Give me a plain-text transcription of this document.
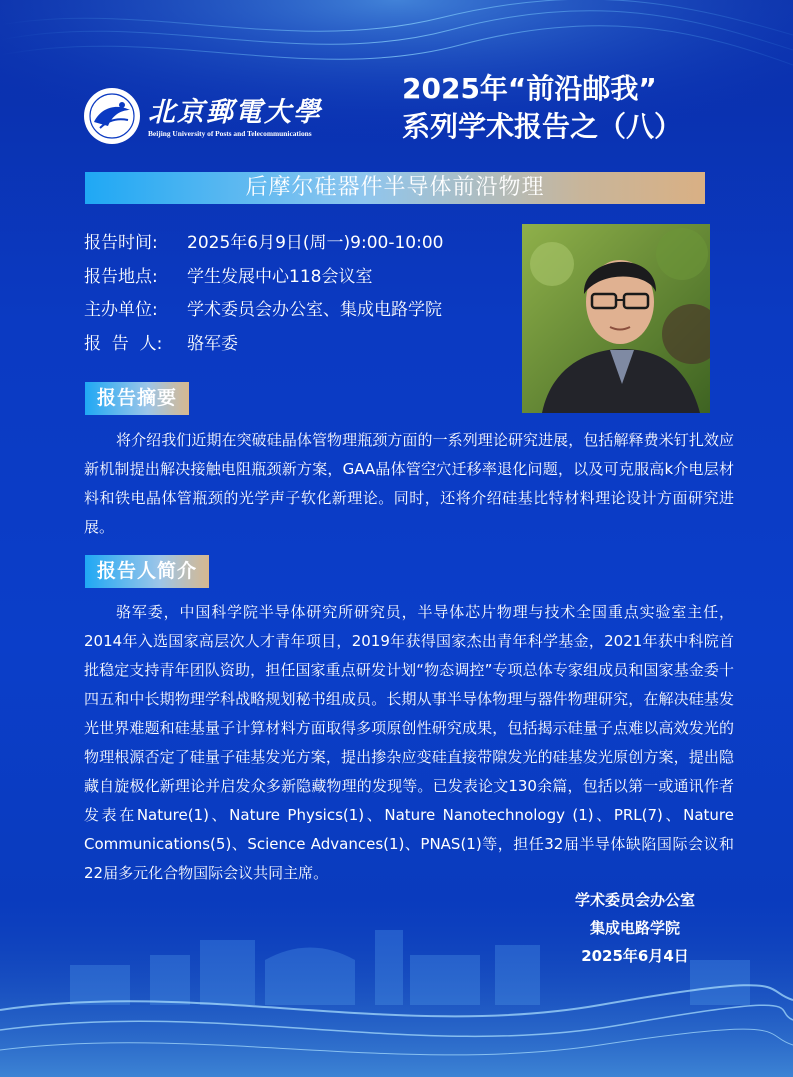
北京郵電大學
Beijing University of Posts and Telecommunications
2025年“前沿邮我”
系列学术报告之（八）
后摩尔硅器件半导体前沿物理
报告时间: 2025年6月9日(周一)9:00-10:00
报告地点: 学生发展中心118会议室
主办单位: 学术委员会办公室、集成电路学院
报  告  人: 骆军委
报告摘要

将介绍我们近期在突破硅晶体管物理瓶颈方面的一系列理论研究进展，包括解释费米钉扎效应新机制提出解决接触电阻瓶颈新方案，GAA晶体管空穴迁移率退化问题，以及可克服高k介电层材料和铁电晶体管瓶颈的光学声子软化新理论。同时，还将介绍硅基比特材料理论设计方面研究进展。

报告人简介

骆军委，中国科学院半导体研究所研究员，半导体芯片物理与技术全国重点实验室主任，2014年入选国家高层次人才青年项目，2019年获得国家杰出青年科学基金，2021年获中科院首批稳定支持青年团队资助，担任国家重点研发计划“物态调控”专项总体专家组成员和国家基金委十四五和中长期物理学科战略规划秘书组成员。长期从事半导体物理与器件物理研究，在解决硅基发光世界难题和硅基量子计算材料方面取得多项原创性研究成果，包括揭示硅量子点难以高效发光的物理根源否定了硅量子硅基发光方案，提出掺杂应变硅直接带隙发光的硅基发光原创方案，提出隐藏自旋极化新理论并启发众多新隐藏物理的发现等。已发表论文130余篇，包括以第一或通讯作者发表在Nature(1)、Nature Physics(1)、Nature Nanotechnology (1)、PRL(7)、Nature Communications(5)、Science Advances(1)、PNAS(1)等，担任32届半导体缺陷国际会议和22届多元化合物国际会议共同主席。

学术委员会办公室
集成电路学院
2025年6月4日
